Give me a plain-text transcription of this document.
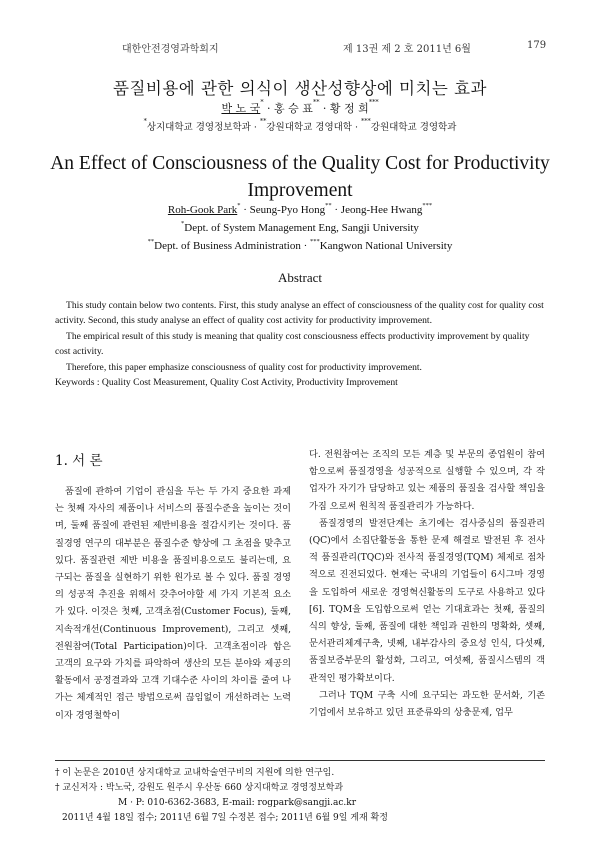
대한안전경영과학회지	제 13권 제 2 호 2011년 6월	179
품질비용에 관한 의식이 생산성향상에 미치는 효과
박 노 국* · 홍 승 표** · 황 정 희***
*상지대학교 경영정보학과 · **강원대학교 경영대학 · ***강원대학교 경영학과
An Effect of Consciousness of the Quality Cost for Productivity Improvement
Roh-Gook Park* · Seung-Pyo Hong** · Jeong-Hee Hwang***
*Dept. of System Management Eng, Sangji University
**Dept. of Business Administration · ***Kangwon National University
Abstract

This study contain below two contents. First, this study analyse an effect of consciousness of the quality cost for quality cost activity. Second, this study analyse an effect of quality cost activity for productivity improvement.

The empirical result of this study is meaning that quality cost consciousness effects productivity improvement by quality cost activity.

Therefore, this paper emphasize consciousness of quality cost for productivity improvement.

Keywords : Quality Cost Measurement, Quality Cost Activity, Productivity Improvement

1. 서 론

품질에 관하여 기업이 관심을 두는 두 가지 중요한 과제는 첫째 자사의 제품이나 서비스의 품질수준을 높이는 것이며, 둘째 품질에 관련된 제반비용을 절감시키는 것이다. 품질경영 연구의 대부분은 품질수준 향상에 그 초점을 맞추고 있다. 품질관련 제반 비용을 품질비용으로도 불리는데, 요구되는 품질을 실현하기 위한 원가로 볼 수 있다. 품질 경영의 성공적 추진을 위해서 갖추어야할 세 가지 기본적 요소가 있다. 이것은 첫째, 고객초점(Customer Focus), 둘째, 지속적개선(Continuous Improvement), 그리고 셋째, 전원참여(Total Participation)이다. 고객초점이라 함은 고객의 요구와 가치를 파악하여 생산의 모든 분야와 제공의 활동에서 공정결과와 고객 기대수준 사이의 차이를 줄여 나가는 체계적인 접근 방법으로써 끊임없이 개선하려는 노력이자 경영철학이

다. 전원참여는 조직의 모든 계층 및 부문의 종업원이 참여함으로써 품질경영을 성공적으로 실행할 수 있으며, 각 작업자가 자기가 담당하고 있는 제품의 품질을 검사할 책임을 가짐 으로써 원칙적 품질관리가 가능하다.

품질경영의 발전단계는 초기에는 검사중심의 품질관리(QC)에서 소집단활동을 통한 문제 해결로 발전된 후 전사적 품질관리(TQC)와 전사적 품질경영(TQM) 체제로 점차적으로 진전되었다. 현재는 국내의 기업들이 6시그마 경영을 도입하여 새로운 경영혁신활동의 도구로 사용하고 있다[6]. TQM을 도입함으로써 얻는 기대효과는 첫째, 품질의식의 향상, 둘째, 품질에 대한 책임과 권한의 명확화, 셋째, 문서관리체계구축, 넷째, 내부감사의 중요성 인식, 다섯째, 품질보증부문의 활성화, 그리고, 여섯째, 품질시스템의 객관적인 평가확보이다.

그러나 TQM 구축 시에 요구되는 과도한 문서화, 기존 기업에서 보유하고 있던 표준류와의 상충문제, 업무

† 이 논문은 2010년 상지대학교 교내학술연구비의 지원에 의한 연구임.
† 교신저자 : 박노국, 강원도 원주시 우산동 660 상지대학교 경영정보학과
M · P: 010-6362-3683, E-mail: rogpark@sangji.ac.kr
2011년 4월 18일 접수; 2011년 6월 7일 수정본 접수; 2011년 6월 9일 게재 확정
